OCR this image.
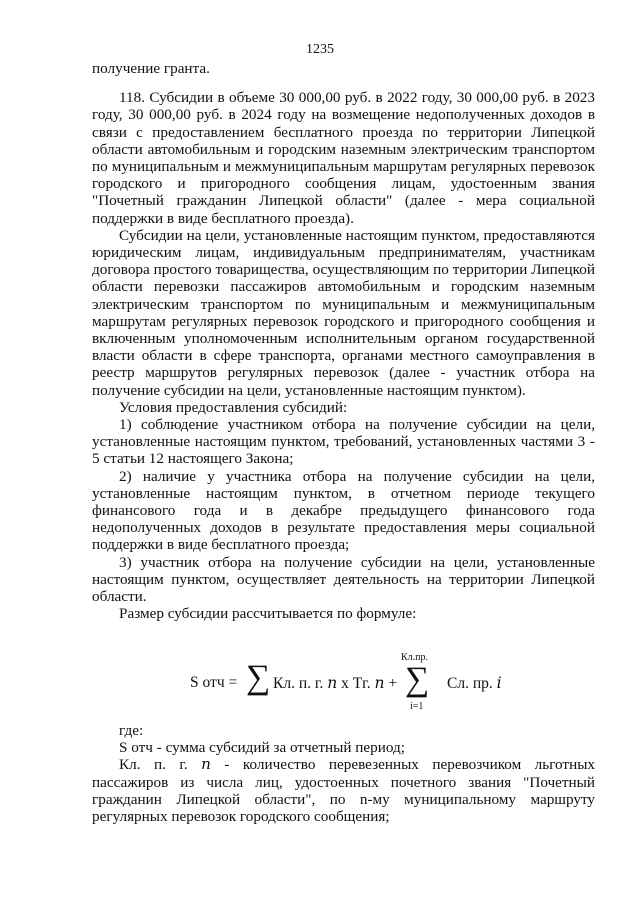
1235

получение гранта.

118. Субсидии в объеме 30 000,00 руб. в 2022 году, 30 000,00 руб. в 2023 году, 30 000,00 руб. в 2024 году на возмещение недополученных доходов в связи с предоставлением бесплатного проезда по территории Липецкой области автомобильным и городским наземным электрическим транспортом по муниципальным и межмуниципальным маршрутам регулярных перевозок городского и пригородного сообщения лицам, удостоенным звания "Почетный гражданин Липецкой области" (далее - мера социальной поддержки в виде бесплатного проезда).

Субсидии на цели, установленные настоящим пунктом, предоставляются юридическим лицам, индивидуальным предпринимателям, участникам договора простого товарищества, осуществляющим по территории Липецкой области перевозки пассажиров автомобильным и городским наземным электрическим транспортом по муниципальным и межмуниципальным маршрутам регулярных перевозок городского и пригородного сообщения и включенным уполномоченным исполнительным органом государственной власти области в сфере транспорта, органами местного самоуправления в реестр маршрутов регулярных перевозок (далее - участник отбора на получение субсидии на цели, установленные настоящим пунктом).

Условия предоставления субсидий:

1) соблюдение участником отбора на получение субсидии на цели, установленные настоящим пунктом, требований, установленных частями 3 - 5 статьи 12 настоящего Закона;

2) наличие у участника отбора на получение субсидии на цели, установленные настоящим пунктом, в отчетном периоде текущего финансового года и в декабре предыдущего финансового года недополученных доходов в результате предоставления меры социальной поддержки в виде бесплатного проезда;

3) участник отбора на получение субсидии на цели, установленные настоящим пунктом, осуществляет деятельность на территории Липецкой области.

Размер субсидии рассчитывается по формуле:

S отч = ∑ Кл. п. г. 𝑛 x Тг. 𝑛 +
Кл.пр.
∑
i=1
Сл. пр. 𝑖

где:

S отч - сумма субсидий за отчетный период;

Кл. п. г. 𝑛 - количество перевезенных перевозчиком льготных пассажиров из числа лиц, удостоенных почетного звания "Почетный гражданин Липецкой области", по n-му муниципальному маршруту регулярных перевозок городского сообщения;
